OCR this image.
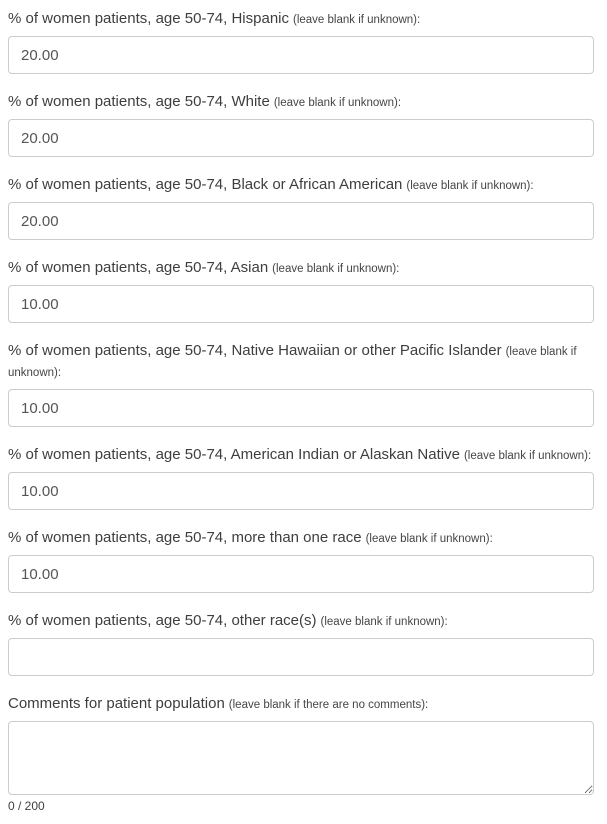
% of women patients, age 50-74, Hispanic (leave blank if unknown):
20.00
% of women patients, age 50-74, White (leave blank if unknown):
20.00
% of women patients, age 50-74, Black or African American (leave blank if unknown):
20.00
% of women patients, age 50-74, Asian (leave blank if unknown):
10.00
% of women patients, age 50-74, Native Hawaiian or other Pacific Islander (leave blank if unknown):
10.00
% of women patients, age 50-74, American Indian or Alaskan Native (leave blank if unknown):
10.00
% of women patients, age 50-74, more than one race (leave blank if unknown):
10.00
% of women patients, age 50-74, other race(s) (leave blank if unknown):
Comments for patient population (leave blank if there are no comments):
0 / 200
